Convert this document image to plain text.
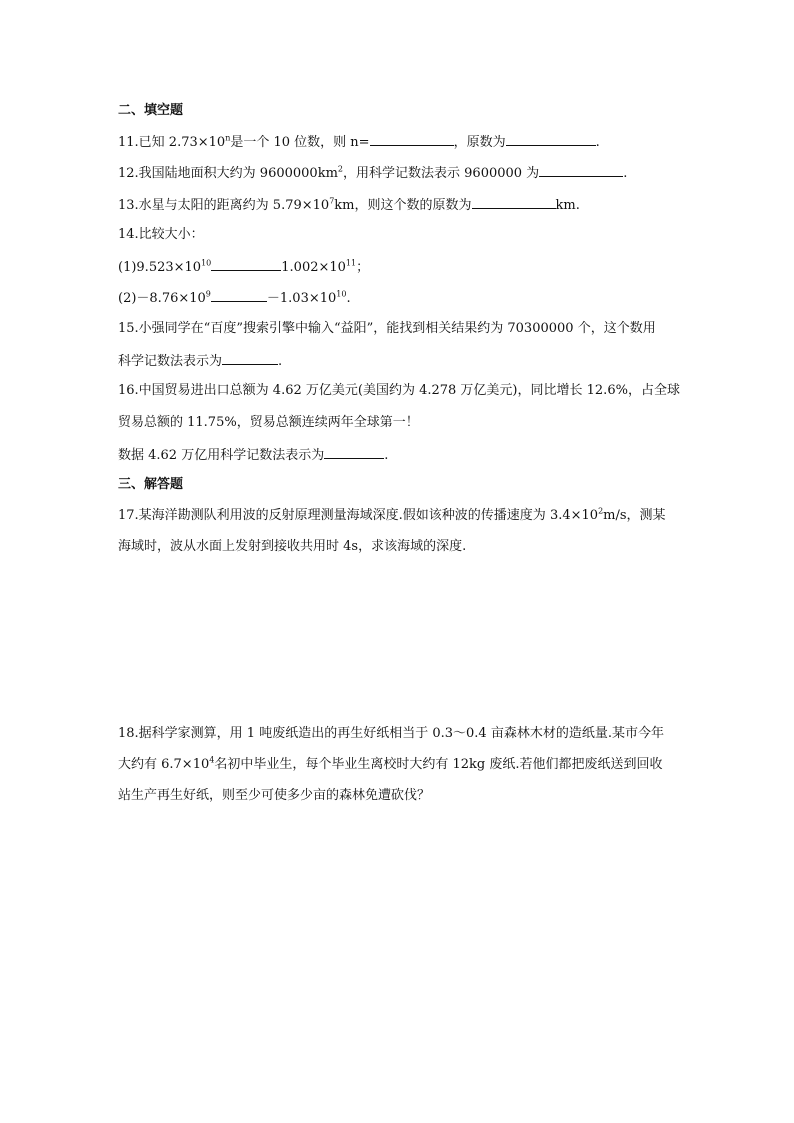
二、填空题
11.已知 $2.73\times 10^n$是一个 10 位数，则 n=	，原数为	.
12.我国陆地面积大约为 $9600000km^2$，用科学记数法表示 9600000 为	.
13.水星与太阳的距离约为 $5.79\times 10^7km$，则这个数的原数为	km.
14.比较大小：
$(1)9.523\times 10^{10}$	$1.002\times 10^{11}$；
$(2)-8.76\times 10^9$	$-1.03\times 10^{10}$.
15.小强同学在“百度”搜索引擎中输入“益阳”，能找到相关结果约为 70300000 个，这个数用
科学记数法表示为	.
16.中国贸易进出口总额为 4.62 万亿美元(美国约为 4.278 万亿美元)，同比增长 12.6%，占全球
贸易总额的 11.75%，贸易总额连续两年全球第一！
数据 4.62 万亿用科学记数法表示为	.
三、解答题
17.某海洋勘测队利用波的反射原理测量海域深度.假如该种波的传播速度为 $3.4\times 10^2m/s$，测某
海域时，波从水面上发射到接收共用时 4s，求该海域的深度.
18.据科学家测算，用 1 吨废纸造出的再生好纸相当于 0.3～0.4 亩森林木材的造纸量.某市今年
大约有 $6.7\times 10^4$名初中毕业生，每个毕业生离校时大约有 12kg 废纸.若他们都把废纸送到回收
站生产再生好纸，则至少可使多少亩的森林免遭砍伐？
